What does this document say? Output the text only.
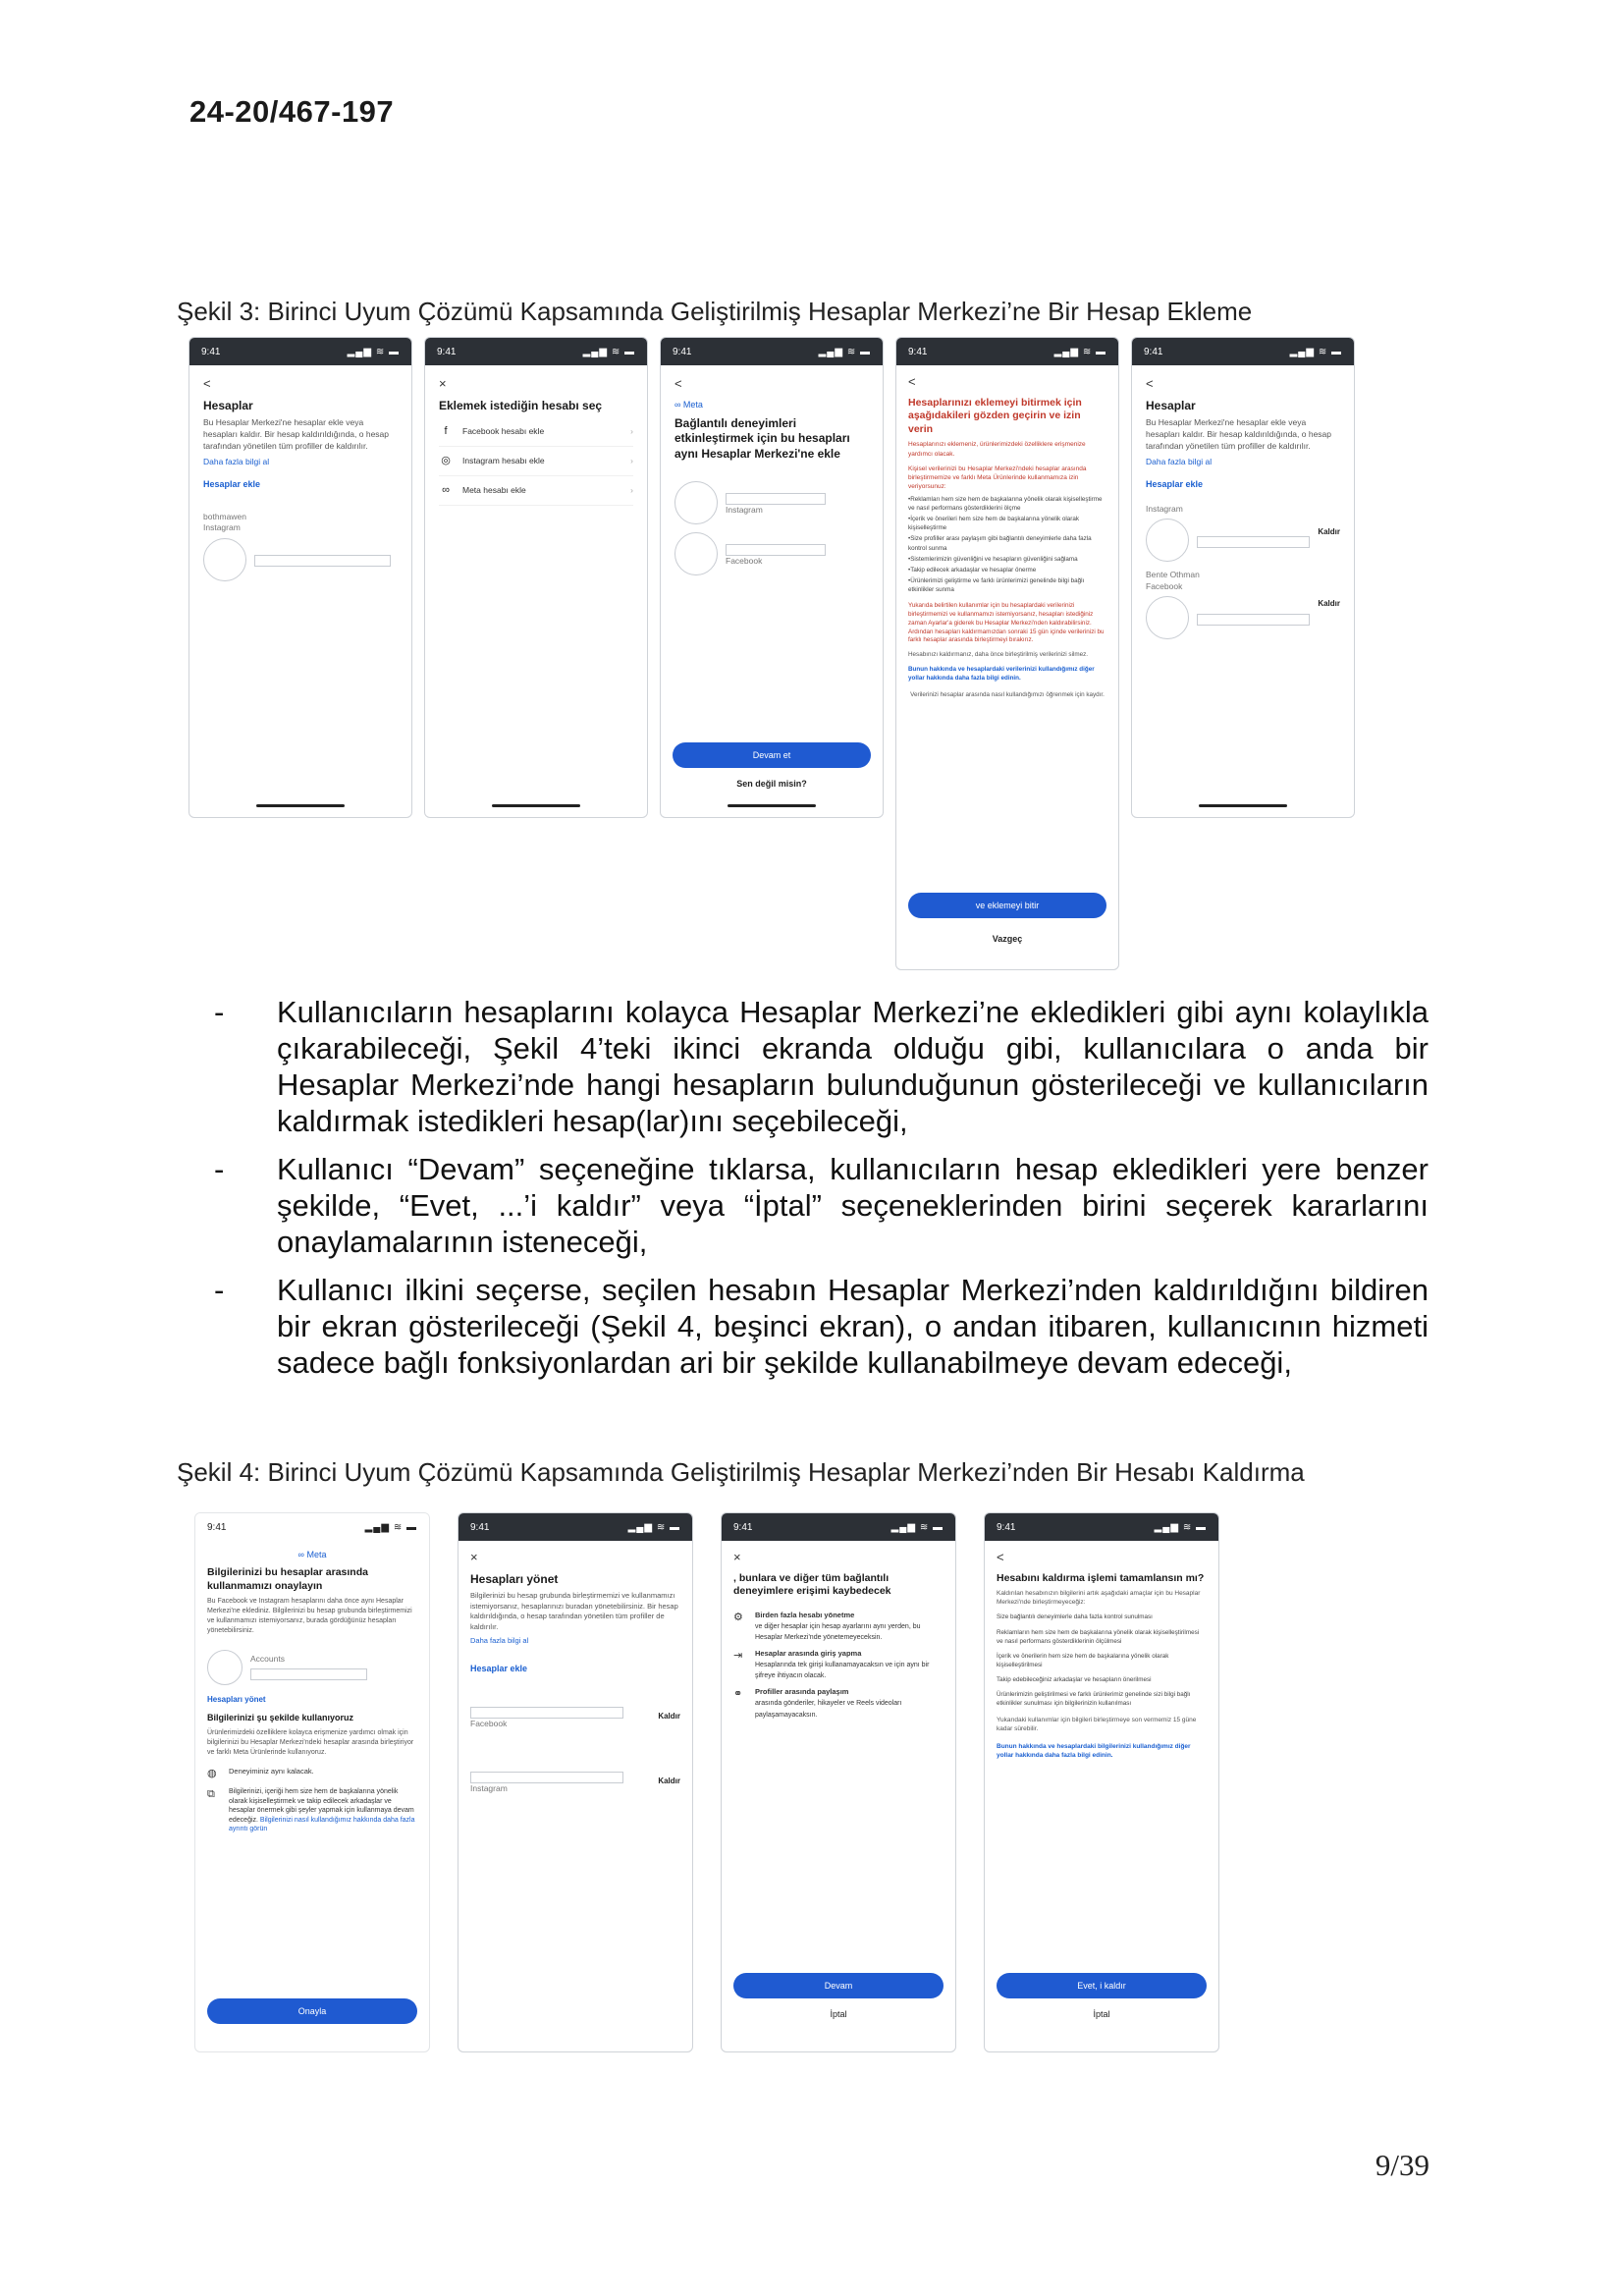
24-20/467-197
Şekil 3: Birinci Uyum Çözümü Kapsamında Geliştirilmiş Hesaplar Merkezi’ne Bir Hesap Ekleme
9:41	▂▄▆ ≋ ▬
<
Hesaplar
Bu Hesaplar Merkezi'ne hesaplar ekle veya hesapları kaldır. Bir hesap kaldırıldığında, o hesap tarafından yönetilen tüm profiller de kaldırılır.
Daha fazla bilgi al
Hesaplar ekle
bothmawen
Instagram
9:41	▂▄▆ ≋ ▬
×
Eklemek istediğin hesabı seç
f	Facebook hesabı ekle	›
◎ Instagram hesabı ekle	›
∞	Meta hesabı ekle	›
9:41	▂▄▆ ≋ ▬
<
∞ Meta
Bağlantılı deneyimleri etkinleştirmek için bu hesapları aynı Hesaplar Merkezi'ne ekle
Instagram
Facebook
Devam et
Sen değil misin?
9:41	▂▄▆ ≋ ▬
<
Hesaplarınızı eklemeyi bitirmek için aşağıdakileri gözden geçirin ve izin verin
Hesaplarınızı eklemeniz, ürünlerimizdeki özelliklere erişmenize yardımcı olacak.
Kişisel verilerinizi bu Hesaplar Merkezi'ndeki hesaplar arasında birleştirmemize ve farklı Meta Ürünlerinde kullanmamıza izin veriyorsunuz:
•Reklamları hem size hem de başkalarına yönelik olarak kişiselleştirme ve nasıl performans gösterdiklerini ölçme
•İçerik ve önerileri hem size hem de başkalarına yönelik olarak kişiselleştirme
•Size profiller arası paylaşım gibi bağlantılı deneyimlerle daha fazla kontrol sunma
•Sistemlerimizin güvenliğini ve hesapların güvenliğini sağlama
•Takip edilecek arkadaşlar ve hesaplar önerme
•Ürünlerimizi geliştirme ve farklı ürünlerimizi genelinde bilgi bağlı etkinlikler sunma
Yukarıda belirtilen kullanımlar için bu hesaplardaki verilerinizi birleştirmemizi ve kullanmamızı istemiyorsanız, hesapları istediğiniz zaman Ayarlar'a giderek bu Hesaplar Merkezi'nden kaldırabilirsiniz. Ardından hesapları kaldırmamızdan sonraki 15 gün içinde verilerinizi bu farklı hesaplar arasında birleştirmeyi bırakırız.
Hesabınızı kaldırmanız, daha önce birleştirilmiş verilerinizi silmez.
Bunun hakkında ve hesaplardaki verilerinizi kullandığımız diğer yollar hakkında daha fazla bilgi edinin.
Verilerinizi hesaplar arasında nasıl kullandığımızı öğrenmek için kaydır.
ve eklemeyi bitir
Vazgeç
9:41	▂▄▆ ≋ ▬
<
Hesaplar
Bu Hesaplar Merkezi'ne hesaplar ekle veya hesapları kaldır. Bir hesap kaldırıldığında, o hesap tarafından yönetilen tüm profiller de kaldırılır.
Daha fazla bilgi al
Hesaplar ekle
Instagram
Kaldır
Bente Othman
Facebook
Kaldır
- Kullanıcıların hesaplarını kolayca Hesaplar Merkezi’ne ekledikleri gibi aynı kolaylıkla çıkarabileceği, Şekil 4’teki ikinci ekranda olduğu gibi, kullanıcılara o anda bir Hesaplar Merkezi’nde hangi hesapların bulunduğunun gösterileceği ve kullanıcıların kaldırmak istedikleri hesap(lar)ını seçebileceği,
- Kullanıcı “Devam” seçeneğine tıklarsa, kullanıcıların hesap ekledikleri yere benzer şekilde, “Evet, ...’i kaldır” veya “İptal” seçeneklerinden birini seçerek kararlarını onaylamalarının isteneceği,
- Kullanıcı ilkini seçerse, seçilen hesabın Hesaplar Merkezi’nden kaldırıldığını bildiren bir ekran gösterileceği (Şekil 4, beşinci ekran), o andan itibaren, kullanıcının hizmeti sadece bağlı fonksiyonlardan ari bir şekilde kullanabilmeye devam edeceği,
Şekil 4: Birinci Uyum Çözümü Kapsamında Geliştirilmiş Hesaplar Merkezi’nden Bir Hesabı Kaldırma
9:41	▂▄▆ ≋ ▬
∞ Meta
Bilgilerinizi bu hesaplar arasında kullanmamızı onaylayın
Bu Facebook ve Instagram hesaplarını daha önce aynı Hesaplar Merkezi'ne eklediniz. Bilgilerinizi bu hesap grubunda birleştirmemizi ve kullanmamızı istemiyorsanız, burada gördüğünüz hesapları yönetebilirsiniz.
Accounts
Hesapları yönet
Bilgilerinizi şu şekilde kullanıyoruz
Ürünlerimizdeki özelliklere kolayca erişmenize yardımcı olmak için bilgilerinizi bu Hesaplar Merkezi'ndeki hesaplar arasında birleştiriyor ve farklı Meta Ürünlerinde kullanıyoruz.
◍	Deneyiminiz aynı kalacak.
⧉	Bilgilerinizi, içeriği hem size hem de başkalarına yönelik olarak kişiselleştirmek ve takip edilecek arkadaşlar ve hesaplar önermek gibi şeyler yapmak için kullanmaya devam edeceğiz. Bilgilerinizi nasıl kullandığımız hakkında daha fazla ayrıntı görün
Onayla
9:41	▂▄▆ ≋ ▬
×
Hesapları yönet
Bilgilerinizi bu hesap grubunda birleştirmemizi ve kullanmamızı istemiyorsanız, hesaplarınızı buradan yönetebilirsiniz. Bir hesap kaldırıldığında, o hesap tarafından yönetilen tüm profiller de kaldırılır.
Daha fazla bilgi al
Hesaplar ekle
Facebook
Kaldır
Instagram
Kaldır
9:41	▂▄▆ ≋ ▬
×
, bunlara ve diğer tüm bağlantılı deneyimlere erişimi kaybedecek
⚙	Birden fazla hesabı yönetme
ve diğer hesaplar için hesap ayarlarını aynı yerden, bu Hesaplar Merkezi'nde yönetemeyeceksin.
⇥	Hesaplar arasında giriş yapma
Hesaplarında tek girişi kullanamayacaksın ve için aynı bir şifreye ihtiyacın olacak.
⚭	Profiller arasında paylaşım
arasında gönderiler, hikayeler ve Reels videoları paylaşamayacaksın.
Devam
İptal
9:41	▂▄▆ ≋ ▬
<
Hesabını kaldırma işlemi tamamlansın mı?
Kaldırılan hesabınızın bilgilerini artık aşağıdaki amaçlar için bu Hesaplar Merkezi'nde birleştirmeyeceğiz:
Size bağlantılı deneyimlerle daha fazla kontrol sunulması
Reklamların hem size hem de başkalarına yönelik olarak kişiselleştirilmesi ve nasıl performans gösterdiklerinin ölçülmesi
İçerik ve önerilerin hem size hem de başkalarına yönelik olarak kişiselleştirilmesi
Takip edebileceğiniz arkadaşlar ve hesapların önerilmesi
Ürünlerimizin geliştirilmesi ve farklı ürünlerimiz genelinde sizi bilgi bağlı etkinlikler sunulması için bilgilerinizin kullanılması
Yukarıdaki kullanımlar için bilgileri birleştirmeye son vermemiz 15 güne kadar sürebilir.
Bunun hakkında ve hesaplardaki bilgilerinizi kullandığımız diğer yollar hakkında daha fazla bilgi edinin.
Evet, i kaldır
İptal
9/39
